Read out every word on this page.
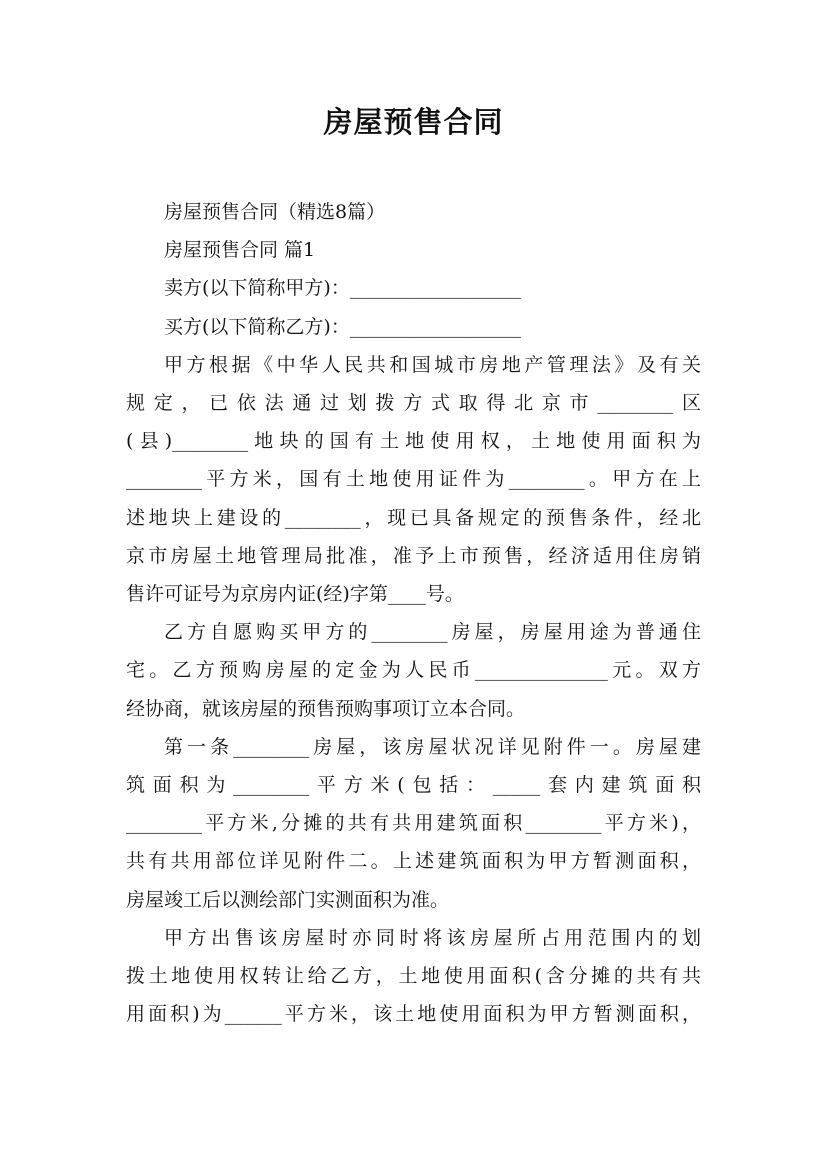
房屋预售合同
房屋预售合同（精选8篇）
房屋预售合同 篇1
卖方(以下简称甲方)：__________________
买方(以下简称乙方)：__________________
甲方根据《中华人民共和国城市房地产管理法》及有关
规定，已依法通过划拨方式取得北京市________区
(县)________地块的国有土地使用权，土地使用面积为
________平方米，国有土地使用证件为________。甲方在上
述地块上建设的________，现已具备规定的预售条件，经北
京市房屋土地管理局批准，准予上市预售，经济适用住房销
售许可证号为京房内证(经)字第____号。
乙方自愿购买甲方的________房屋，房屋用途为普通住
宅。乙方预购房屋的定金为人民币______________元。双方
经协商，就该房屋的预售预购事项订立本合同。
第一条________房屋，该房屋状况详见附件一。房屋建
筑面积为________平方米(包括：_____套内建筑面积
________平方米,分摊的共有共用建筑面积________平方米)，
共有共用部位详见附件二。上述建筑面积为甲方暂测面积，
房屋竣工后以测绘部门实测面积为准。
甲方出售该房屋时亦同时将该房屋所占用范围内的划
拨土地使用权转让给乙方，土地使用面积(含分摊的共有共
用面积)为______平方米，该土地使用面积为甲方暂测面积，
